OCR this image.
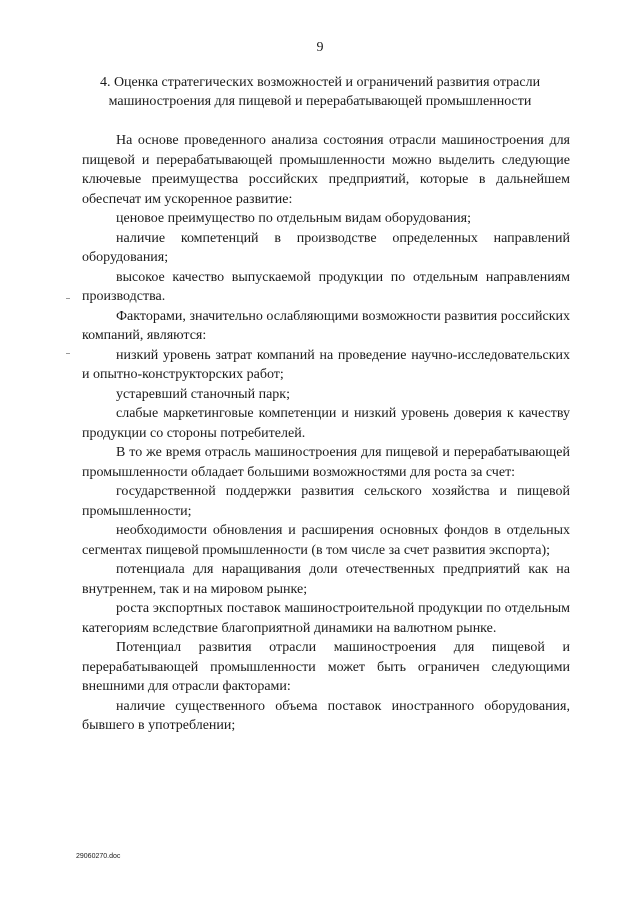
9
4. Оценка стратегических возможностей и ограничений развития отрасли машиностроения для пищевой и перерабатывающей промышленности

На основе проведенного анализа состояния отрасли машиностроения для пищевой и перерабатывающей промышленности можно выделить следующие ключевые преимущества российских предприятий, которые в дальнейшем обеспечат им ускоренное развитие:

ценовое преимущество по отдельным видам оборудования;

наличие компетенций в производстве определенных направлений оборудования;

высокое качество выпускаемой продукции по отдельным направлениям производства.

Факторами, значительно ослабляющими возможности развития российских компаний, являются:

низкий уровень затрат компаний на проведение научно-исследовательских и опытно-конструкторских работ;

устаревший станочный парк;

слабые маркетинговые компетенции и низкий уровень доверия к качеству продукции со стороны потребителей.

В то же время отрасль машиностроения для пищевой и перерабатывающей промышленности обладает большими возможностями для роста за счет:

государственной поддержки развития сельского хозяйства и пищевой промышленности;

необходимости обновления и расширения основных фондов в отдельных сегментах пищевой промышленности (в том числе за счет развития экспорта);

потенциала для наращивания доли отечественных предприятий как на внутреннем, так и на мировом рынке;

роста экспортных поставок машиностроительной продукции по отдельным категориям вследствие благоприятной динамики на валютном рынке.

Потенциал развития отрасли машиностроения для пищевой и перерабатывающей промышленности может быть ограничен следующими внешними для отрасли факторами:

наличие существенного объема поставок иностранного оборудования, бывшего в употреблении;

29060270.doc
